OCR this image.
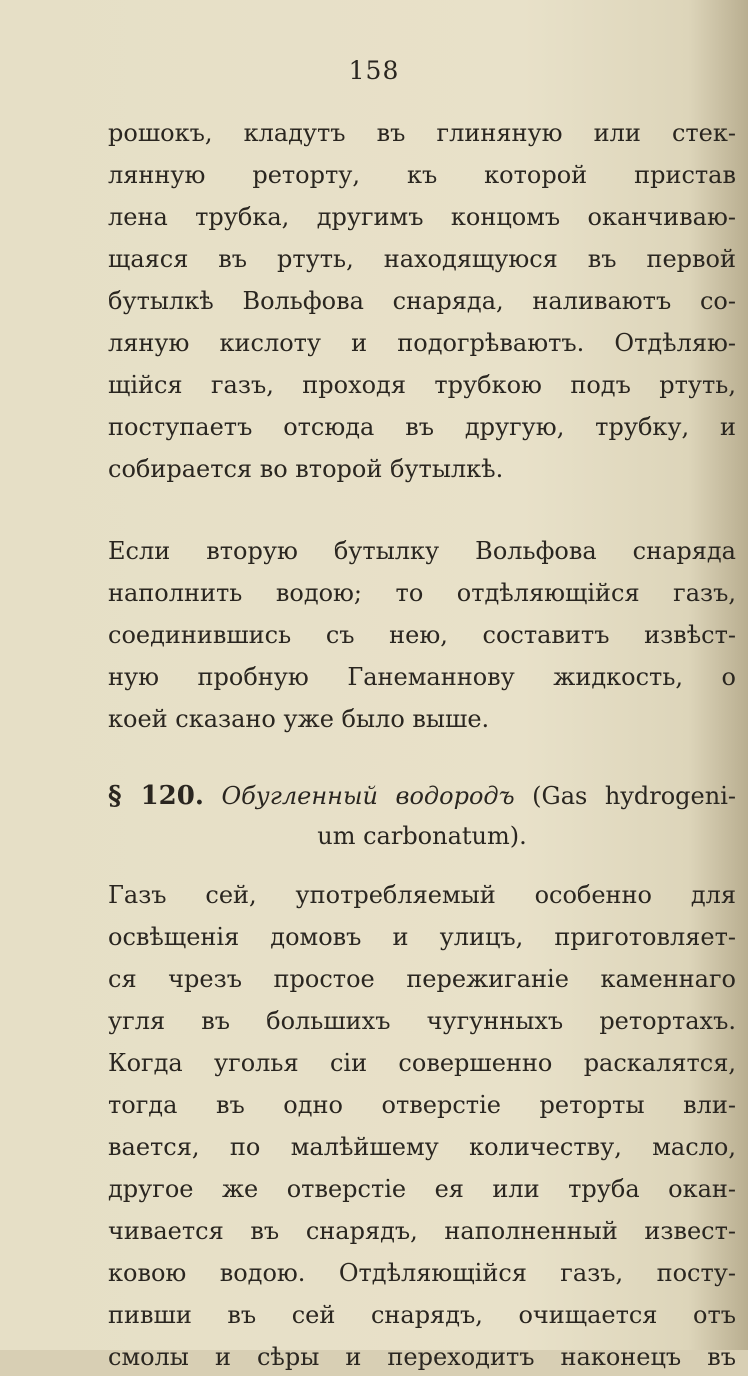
158
рошокъ, кладутъ въ глиняную или стек-
лянную реторту, къ которой пристав
лена трубка, другимъ концомъ оканчиваю-
щаяся въ ртуть, находящуюся въ первой
бутылкѣ Вольфова снаряда, наливаютъ со-
ляную кислоту и подогрѣваютъ. Отдѣляю-
щійся газъ, проходя трубкою подъ ртуть,
поступаетъ отсюда въ другую, трубку, и
собирается во второй бутылкѣ.
Если вторую бутылку Вольфова снаряда
наполнить водою; то отдѣляющійся газъ,
соединившись съ нею, составитъ извѣст-
ную пробную Ганеманнову жидкость, о
коей сказано уже было выше.
§ 120. Обугленный водородъ (Gas hydrogeni-
um carbonatum).
Газъ сей, употребляемый особенно для
освѣщенія домовъ и улицъ, приготовляет-
ся чрезъ простое пережиганіе каменнаго
угля въ большихъ чугунныхъ ретортахъ.
Когда уголья сіи совершенно раскалятся,
тогда въ одно отверстіе реторты вли-
вается, по малѣйшему количеству, масло,
другое же отверстіе ея или труба окан-
чивается въ снарядъ, наполненный извест-
ковою водою. Отдѣляющійся газъ, посту-
пивши въ сей снарядъ, очищается отъ
смолы и сѣры и переходитъ наконецъ въ
